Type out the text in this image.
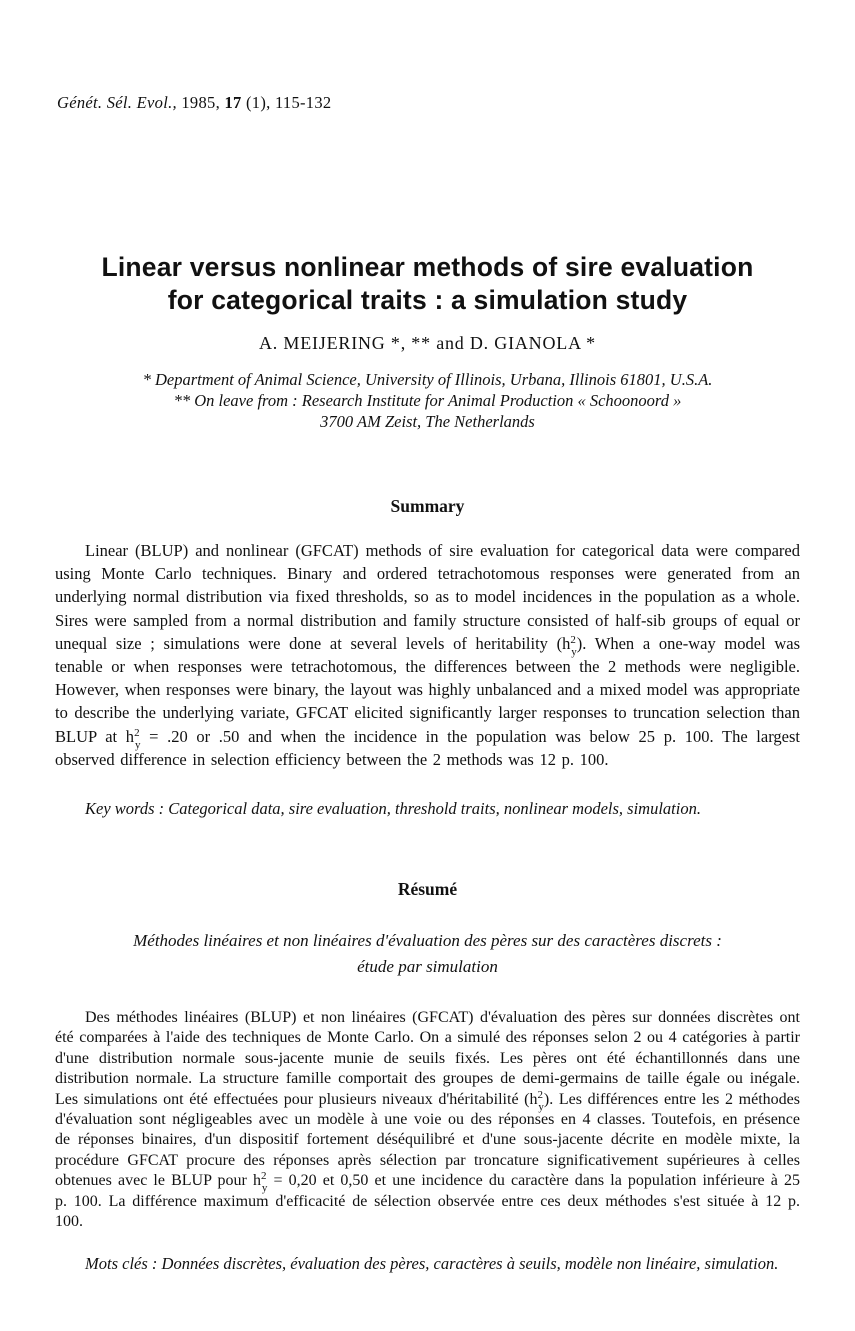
Génét. Sél. Evol., 1985, 17 (1), 115-132
Linear versus nonlinear methods of sire evaluation
for categorical traits : a simulation study
A. MEIJERING *, ** and D. GIANOLA *
* Department of Animal Science, University of Illinois, Urbana, Illinois 61801, U.S.A.
** On leave from : Research Institute for Animal Production « Schoonoord »
3700 AM Zeist, The Netherlands
Summary
Linear (BLUP) and nonlinear (GFCAT) methods of sire evaluation for categorical data were compared using Monte Carlo techniques. Binary and ordered tetrachotomous responses were generated from an underlying normal distribution via fixed thresholds, so as to model incidences in the population as a whole. Sires were sampled from a normal distribution and family structure consisted of half-sib groups of equal or unequal size ; simulations were done at several levels of heritability $(h^2_y)$. When a one-way model was tenable or when responses were tetrachotomous, the differences between the 2 methods were negligible. However, when responses were binary, the layout was highly unbalanced and a mixed model was appropriate to describe the underlying variate, GFCAT elicited significantly larger responses to truncation selection than BLUP at $h^2_y = .20$ or .50 and when the incidence in the population was below 25 p. 100. The largest observed difference in selection efficiency between the 2 methods was 12 p. 100.
Key words : Categorical data, sire evaluation, threshold traits, nonlinear models, simulation.
Résumé
Méthodes linéaires et non linéaires d'évaluation des pères sur des caractères discrets :
étude par simulation
Des méthodes linéaires (BLUP) et non linéaires (GFCAT) d'évaluation des pères sur données discrètes ont été comparées à l'aide des techniques de Monte Carlo. On a simulé des réponses selon 2 ou 4 catégories à partir d'une distribution normale sous-jacente munie de seuils fixés. Les pères ont été échantillonnés dans une distribution normale. La structure famille comportait des groupes de demi-germains de taille égale ou inégale. Les simulations ont été effectuées pour plusieurs niveaux d'héritabilité $(h^2_y)$. Les différences entre les 2 méthodes d'évaluation sont négligeables avec un modèle à une voie ou des réponses en 4 classes. Toutefois, en présence de réponses binaires, d'un dispositif fortement déséquilibré et d'une sous-jacente décrite en modèle mixte, la procédure GFCAT procure des réponses après sélection par troncature significativement supérieures à celles obtenues avec le BLUP pour $h^2_y = 0,20$ et 0,50 et une incidence du caractère dans la population inférieure à 25 p. 100. La différence maximum d'efficacité de sélection observée entre ces deux méthodes s'est située à 12 p. 100.
Mots clés : Données discrètes, évaluation des pères, caractères à seuils, modèle non linéaire, simulation.
